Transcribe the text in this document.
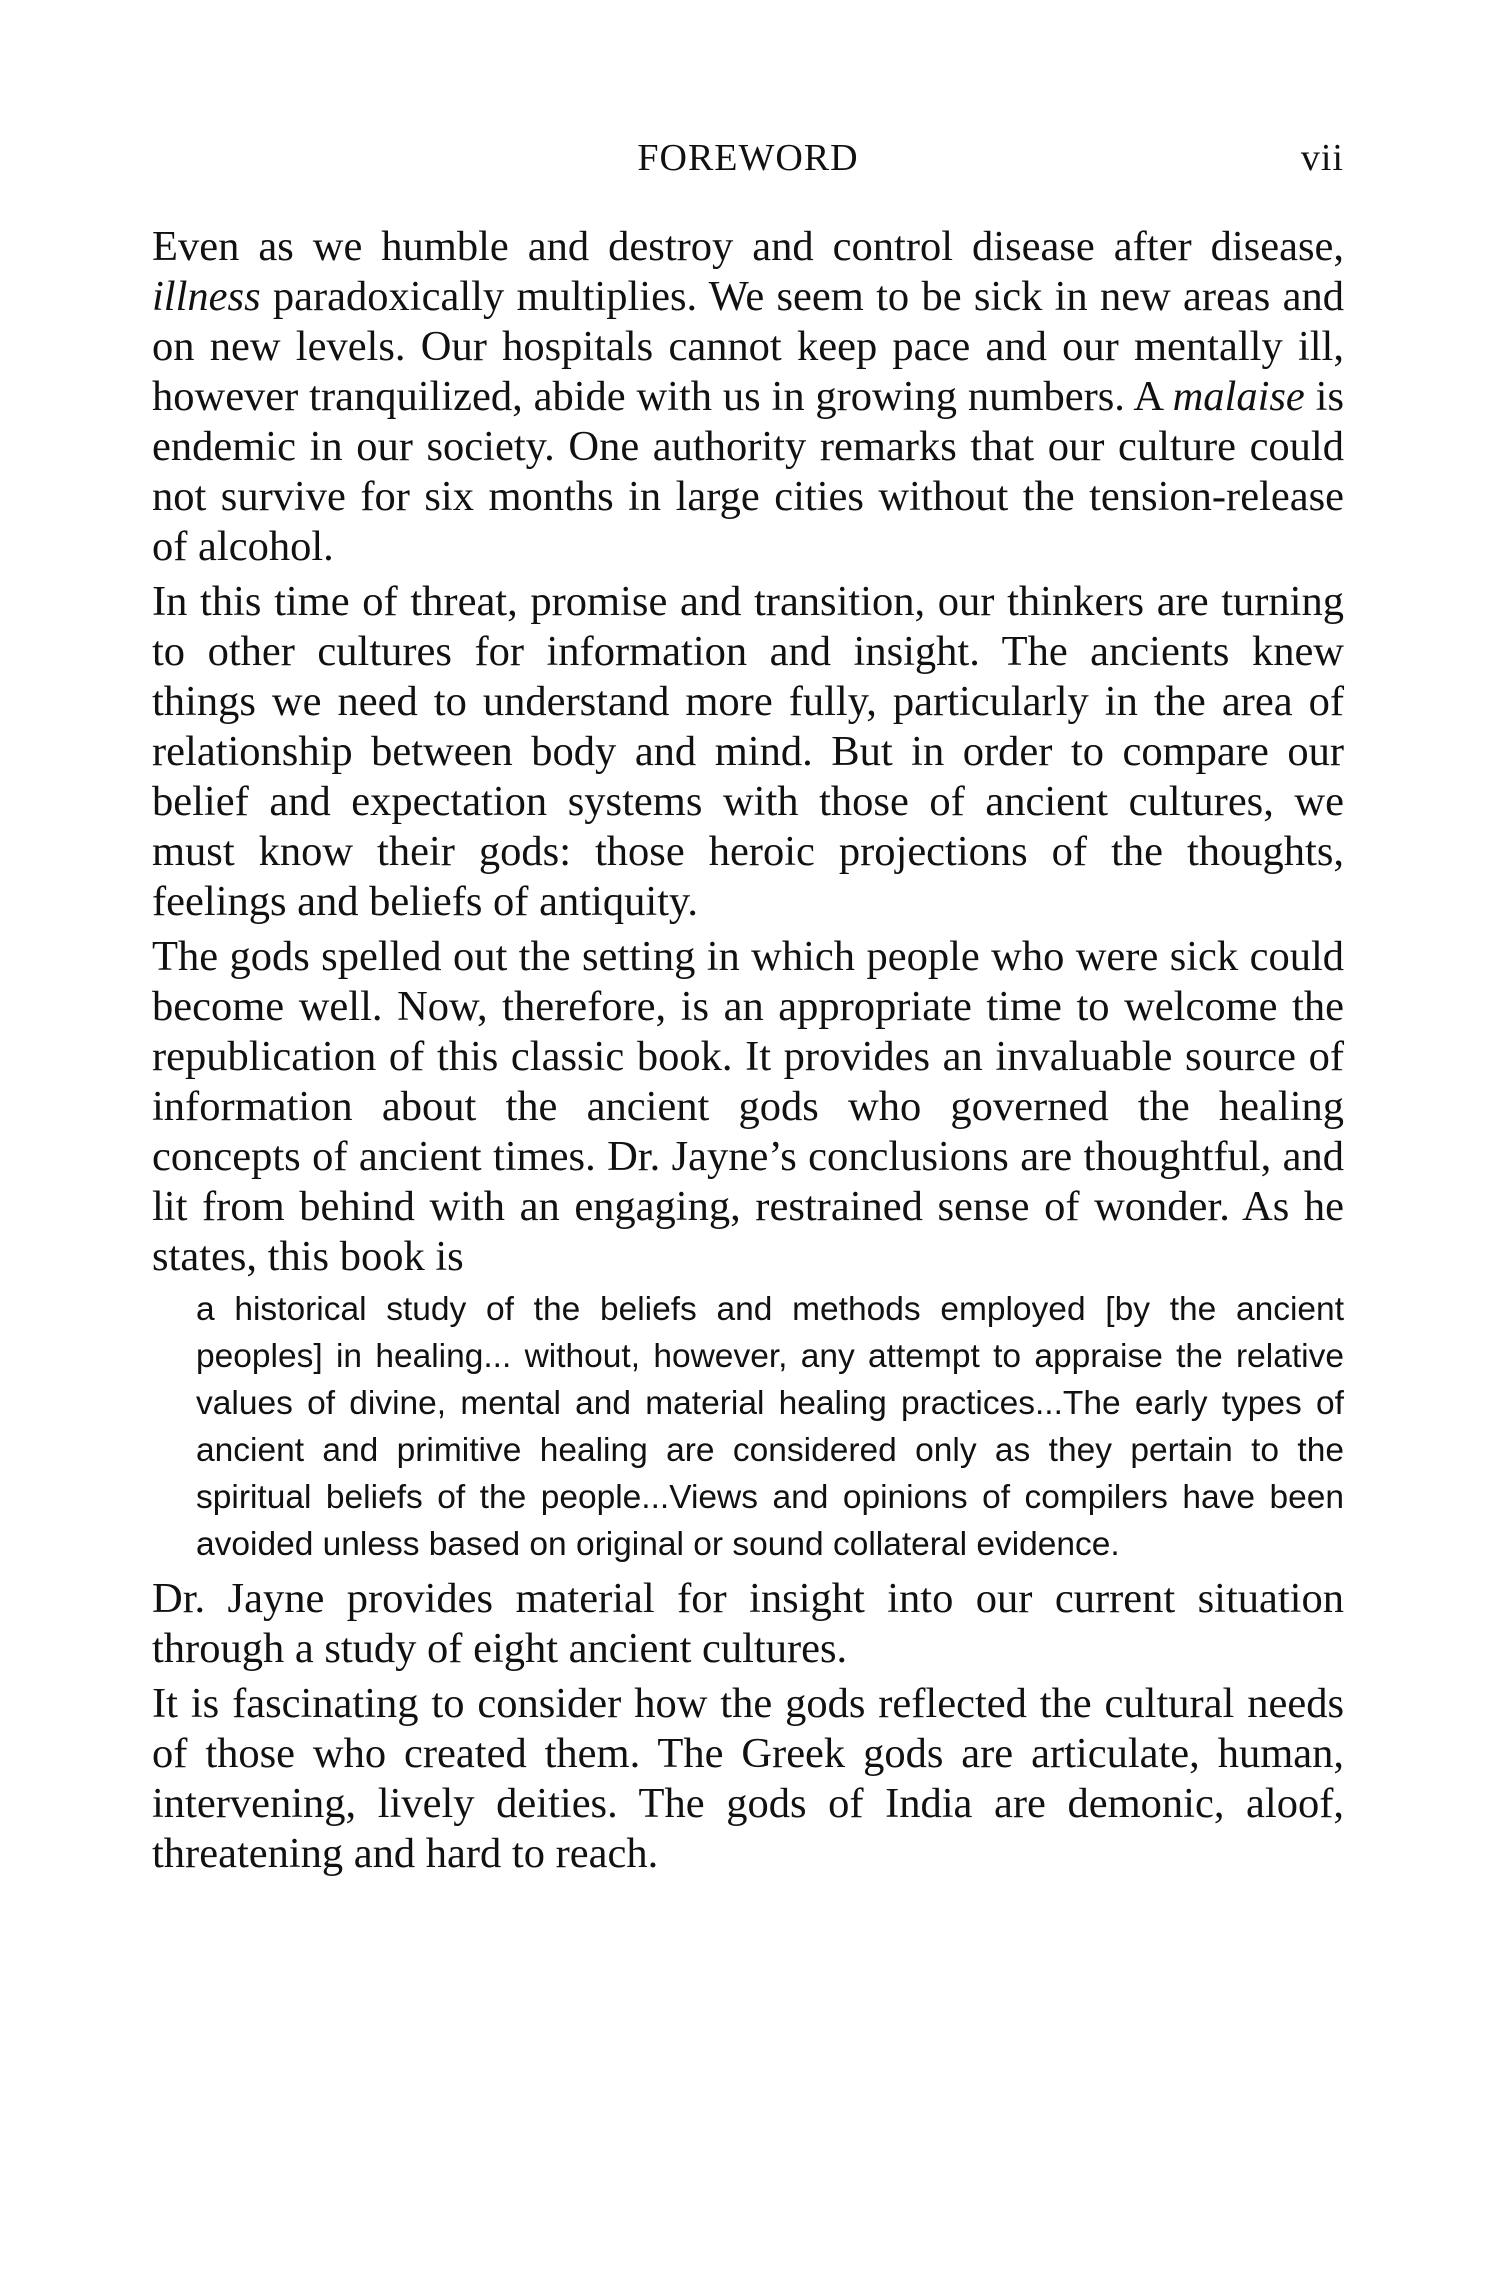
FOREWORD	vii

Even as we humble and destroy and control disease after disease, illness paradoxically multiplies. We seem to be sick in new areas and on new levels. Our hospitals cannot keep pace and our mentally ill, however tranquilized, abide with us in growing numbers. A malaise is endemic in our society. One authority remarks that our culture could not survive for six months in large cities without the tension-release of alcohol.

In this time of threat, promise and transition, our thinkers are turning to other cultures for information and insight. The ancients knew things we need to understand more fully, particularly in the area of relationship between body and mind. But in order to compare our belief and expectation systems with those of ancient cultures, we must know their gods: those heroic projections of the thoughts, feelings and beliefs of antiquity.

The gods spelled out the setting in which people who were sick could become well. Now, therefore, is an appropriate time to welcome the republication of this classic book. It provides an invaluable source of information about the ancient gods who governed the healing concepts of ancient times. Dr. Jayne’s conclusions are thoughtful, and lit from behind with an engaging, restrained sense of wonder. As he states, this book is

a historical study of the beliefs and methods employed [by the ancient peoples] in healing... without, however, any attempt to appraise the relative values of divine, mental and material healing practices...The early types of ancient and primitive healing are considered only as they pertain to the spiritual beliefs of the people...Views and opinions of compilers have been avoided unless based on original or sound collateral evidence.

Dr. Jayne provides material for insight into our current situation through a study of eight ancient cultures.

It is fascinating to consider how the gods reflected the cultural needs of those who created them. The Greek gods are articulate, human, intervening, lively deities. The gods of India are demonic, aloof, threatening and hard to reach.
